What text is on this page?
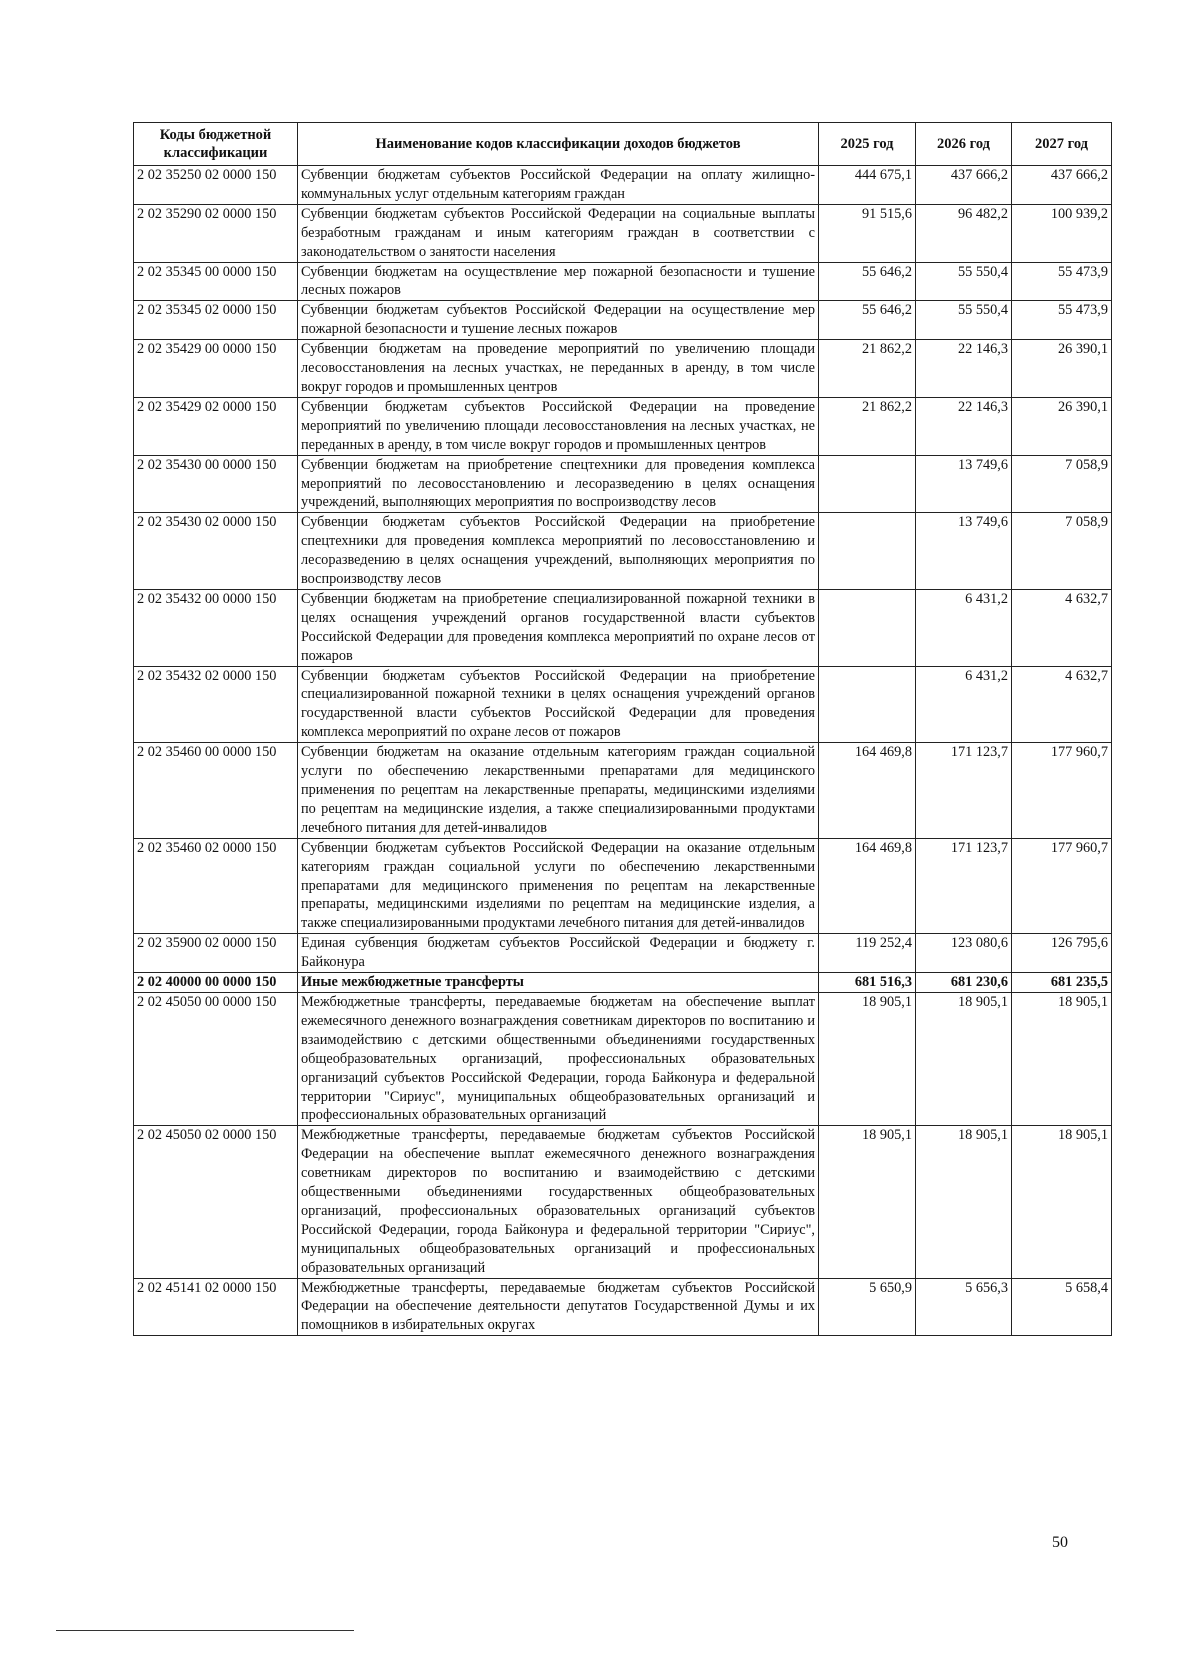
Коды бюджетной классификации	Наименование кодов классификации доходов бюджетов	2025 год	2026 год	2027 год
2 02 35250 02 0000 150	Субвенции бюджетам субъектов Российской Федерации на оплату жилищно-коммунальных услуг отдельным категориям граждан	444 675,1	437 666,2	437 666,2
2 02 35290 02 0000 150	Субвенции бюджетам субъектов Российской Федерации на социальные выплаты безработным гражданам и иным категориям граждан в соответствии с законодательством о занятости населения	91 515,6	96 482,2	100 939,2
2 02 35345 00 0000 150	Субвенции бюджетам на осуществление мер пожарной безопасности и тушение лесных пожаров	55 646,2	55 550,4	55 473,9
2 02 35345 02 0000 150	Субвенции бюджетам субъектов Российской Федерации на осуществление мер пожарной безопасности и тушение лесных пожаров	55 646,2	55 550,4	55 473,9
2 02 35429 00 0000 150	Субвенции бюджетам на проведение мероприятий по увеличению площади лесовосстановления на лесных участках, не переданных в аренду, в том числе вокруг городов и промышленных центров	21 862,2	22 146,3	26 390,1
2 02 35429 02 0000 150	Субвенции бюджетам субъектов Российской Федерации на проведение мероприятий по увеличению площади лесовосстановления на лесных участках, не переданных в аренду, в том числе вокруг городов и промышленных центров	21 862,2	22 146,3	26 390,1
2 02 35430 00 0000 150	Субвенции бюджетам на приобретение спецтехники для проведения комплекса мероприятий по лесовосстановлению и лесоразведению в целях оснащения учреждений, выполняющих мероприятия по воспроизводству лесов		13 749,6	7 058,9
2 02 35430 02 0000 150	Субвенции бюджетам субъектов Российской Федерации на приобретение спецтехники для проведения комплекса мероприятий по лесовосстановлению и лесоразведению в целях оснащения учреждений, выполняющих мероприятия по воспроизводству лесов		13 749,6	7 058,9
2 02 35432 00 0000 150	Субвенции бюджетам на приобретение специализированной пожарной техники в целях оснащения учреждений органов государственной власти субъектов Российской Федерации для проведения комплекса мероприятий по охране лесов от пожаров		6 431,2	4 632,7
2 02 35432 02 0000 150	Субвенции бюджетам субъектов Российской Федерации на приобретение специализированной пожарной техники в целях оснащения учреждений органов государственной власти субъектов Российской Федерации для проведения комплекса мероприятий по охране лесов от пожаров		6 431,2	4 632,7
2 02 35460 00 0000 150	Субвенции бюджетам на оказание отдельным категориям граждан социальной услуги по обеспечению лекарственными препаратами для медицинского применения по рецептам на лекарственные препараты, медицинскими изделиями по рецептам на медицинские изделия, а также специализированными продуктами лечебного питания для детей-инвалидов	164 469,8	171 123,7	177 960,7
2 02 35460 02 0000 150	Субвенции бюджетам субъектов Российской Федерации на оказание отдельным категориям граждан социальной услуги по обеспечению лекарственными препаратами для медицинского применения по рецептам на лекарственные препараты, медицинскими изделиями по рецептам на медицинские изделия, а также специализированными продуктами лечебного питания для детей-инвалидов	164 469,8	171 123,7	177 960,7
2 02 35900 02 0000 150	Единая субвенция бюджетам субъектов Российской Федерации и бюджету г. Байконура	119 252,4	123 080,6	126 795,6
2 02 40000 00 0000 150	Иные межбюджетные трансферты	681 516,3	681 230,6	681 235,5
2 02 45050 00 0000 150	Межбюджетные трансферты, передаваемые бюджетам на обеспечение выплат ежемесячного денежного вознаграждения советникам директоров по воспитанию и взаимодействию с детскими общественными объединениями государственных общеобразовательных организаций, профессиональных образовательных организаций субъектов Российской Федерации, города Байконура и федеральной территории "Сириус", муниципальных общеобразовательных организаций и профессиональных образовательных организаций	18 905,1	18 905,1	18 905,1
2 02 45050 02 0000 150	Межбюджетные трансферты, передаваемые бюджетам субъектов Российской Федерации на обеспечение выплат ежемесячного денежного вознаграждения советникам директоров по воспитанию и взаимодействию с детскими общественными объединениями государственных общеобразовательных организаций, профессиональных образовательных организаций субъектов Российской Федерации, города Байконура и федеральной территории "Сириус", муниципальных общеобразовательных организаций и профессиональных образовательных организаций	18 905,1	18 905,1	18 905,1
2 02 45141 02 0000 150	Межбюджетные трансферты, передаваемые бюджетам субъектов Российской Федерации на обеспечение деятельности депутатов Государственной Думы и их помощников в избирательных округах	5 650,9	5 656,3	5 658,4
50
